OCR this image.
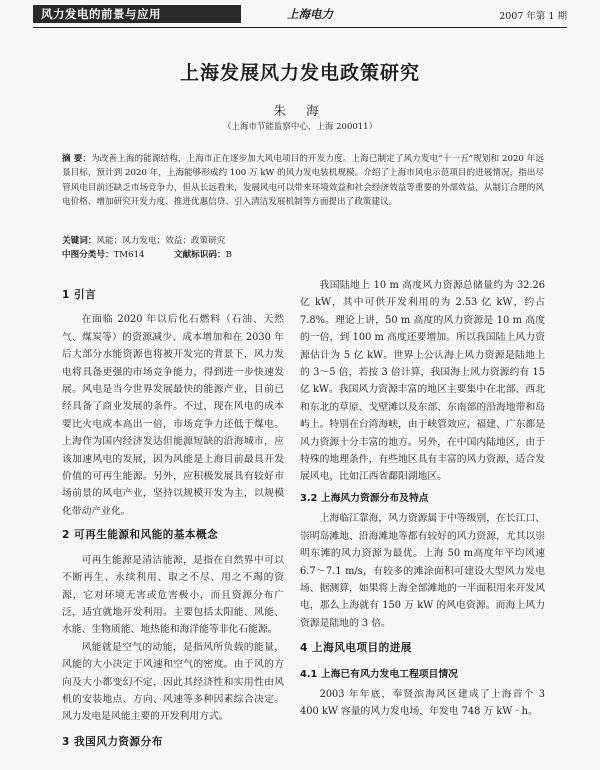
风力发电的前景与应用	上海电力	2007 年第 1 期
上海发展风力发电政策研究
朱 海
（上海市节能监察中心，上海 200011）
摘 要：为改善上海的能源结构，上海市正在逐步加大风电项目的开发力度。上海已制定了风力发电“十一五”规划和 2020 年远景目标，预计到 2020 年，上海能够形成约 100 万 kW 的风力发电装机规模。介绍了上海市风电示范项目的进展情况，指出尽管风电目前还缺乏市场竞争力，但从长远看来，发展风电可以带来环境效益和社会经济效益等重要的外部效益，从制订合理的风电价格、增加研究开发力度、推进优惠信贷、引入清洁发展机制等方面提出了政策建议。
关键词：风能；风力发电；效益；政策研究
中图分类号：TM614	文献标识码：B
1 引言

在面临 2020 年以后化石燃料（石油、天然气、煤炭等）的资源减少、成本增加和在 2030 年后大部分水能资源也将被开发完的背景下，风力发电将具备更强的市场竞争能力，得到进一步快速发展。风电是当今世界发展最快的能源产业，目前已经具备了商业发展的条件。不过，现在风电的成本要比火电成本高出一倍，市场竞争力还低于煤电。上海作为国内经济发达但能源短缺的沿海城市，应该加速风电的发展，因为风能是上海目前最具开发价值的可再生能源。另外，应积极发展具有较好市场前景的风电产业，坚持以规模开发为主，以规模化带动产业化。

2 可再生能源和风能的基本概念

可再生能源是清洁能源，是指在自然界中可以不断再生、永续利用、取之不尽、用之不竭的资源，它对环境无害或危害极小，而且资源分布广泛，适宜就地开发利用。主要包括太阳能、风能、水能、生物质能、地热能和海洋能等非化石能源。

风能就是空气的动能，是指风所负载的能量，风能的大小决定于风速和空气的密度。由于风的方向及大小都变幻不定，因此其经济性和实用性由风机的安装地点、方向、风速等多种因素综合决定。风力发电是风能主要的开发利用方式。

3 我国风力资源分布

我国陆地上 10 m 高度风力资源总储量约为 32.26 亿 kW，其中可供开发利用的为 2.53 亿 kW，约占 7.8%。理论上讲，50 m 高度的风力资源是 10 m 高度的一倍，到 100 m 高度还要增加。所以我国陆上风力资源估计为 5 亿 kW。世界上公认海上风力资源是陆地上的 3～5 倍，若按 3 倍计算，我国海上风力资源约有 15 亿 kW。我国风力资源丰富的地区主要集中在北部、西北和东北的草原、戈壁滩以及东部、东南部的沿海地带和岛屿上。特别在台湾海峡，由于峡管效应，福建、广东都是风力资源十分丰富的地方。另外，在中国内陆地区，由于特殊的地理条件，有些地区具有丰富的风力资源，适合发展风电，比如江西省鄱阳湖地区。

3.2 上海风力资源分布及特点

上海临江靠海，风力资源属于中等级别，在长江口、崇明岛滩地、沿海滩地等都有较好的风力资源，尤其以崇明东滩的风力资源为最优。上海 50 m高度年平均风速 6.7～7.1 m/s，有较多的滩涂面积可建设大型风力发电场、据测算，如果将上海全部滩地的一半面积用来开发风电，那么上海就有 150 万 kW 的风电资源。而海上风力资源是陆地的 3 倍。

4 上海风电项目的进展
4.1 上海已有风力发电工程项目情况

2003 年年底，奉贤滨海风区建成了上海首个 3 400 kW 容量的风力发电场，年发电 748 万 kW · h。
